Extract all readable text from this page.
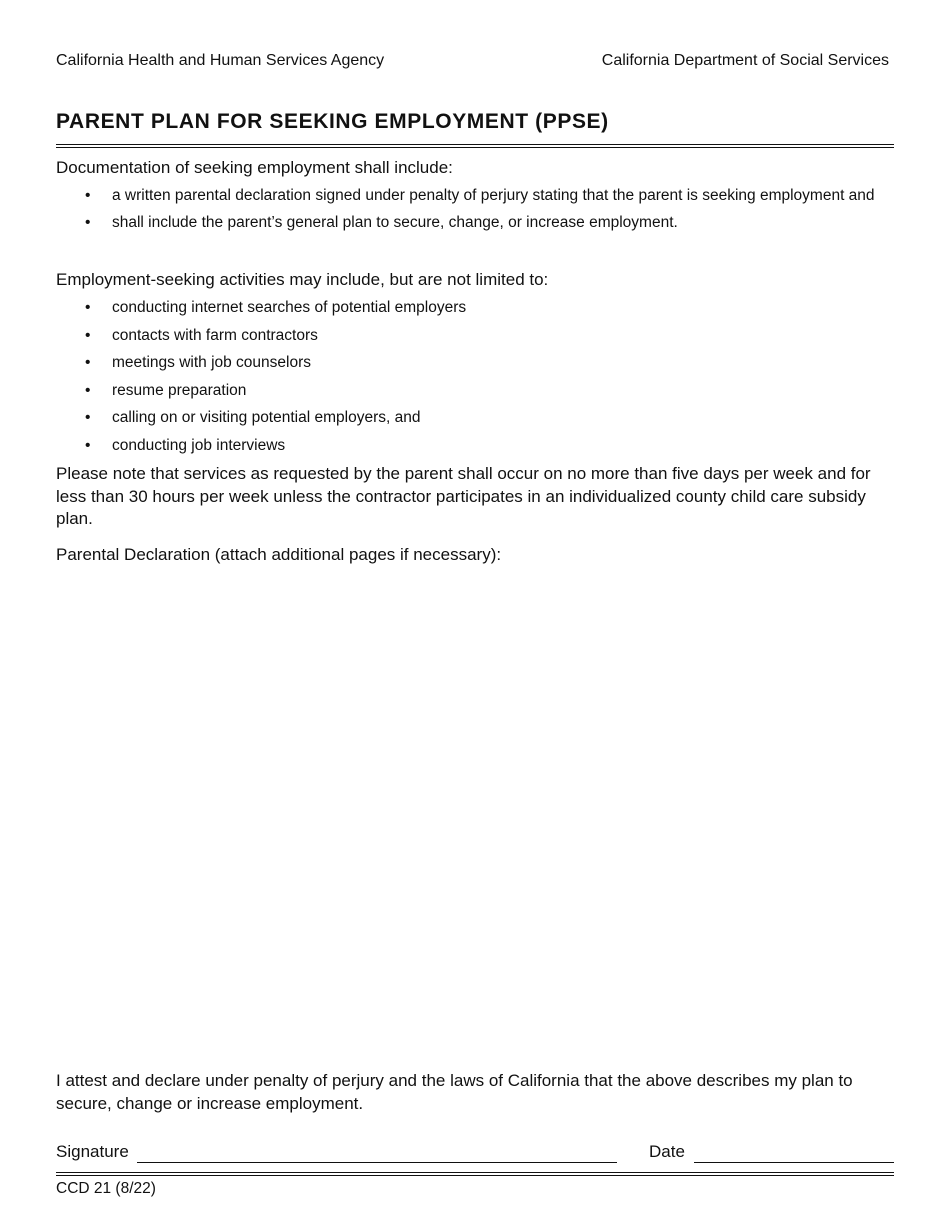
California Health and Human Services Agency	California Department of Social Services
PARENT PLAN FOR SEEKING EMPLOYMENT (PPSE)
Documentation of seeking employment shall include:
• a written parental declaration signed under penalty of perjury stating that the parent is seeking employment and
• shall include the parent’s general plan to secure, change, or increase employment.
Employment-seeking activities may include, but are not limited to:
• conducting internet searches of potential employers
• contacts with farm contractors
• meetings with job counselors
• resume preparation
• calling on or visiting potential employers, and
• conducting job interviews
Please note that services as requested by the parent shall occur on no more than five days per week and for less than 30 hours per week unless the contractor participates in an individualized county child care subsidy plan.
Parental Declaration (attach additional pages if necessary):
I attest and declare under penalty of perjury and the laws of California that the above describes my plan to secure, change or increase employment.
Signature	Date
CCD 21 (8/22)
